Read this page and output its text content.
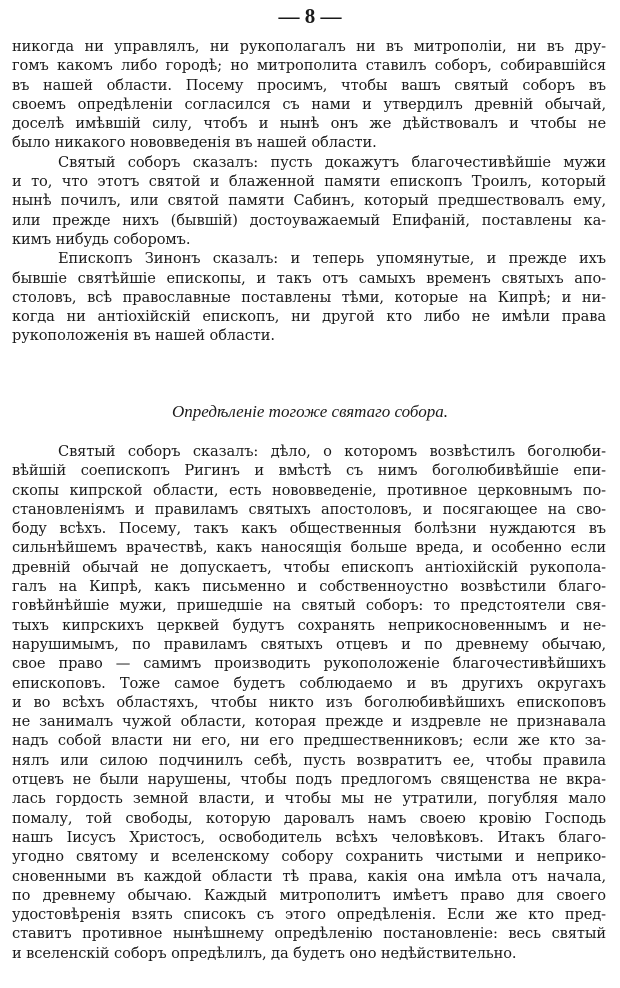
— 8 —
никогда ни управлялъ, ни рукополагалъ ни въ митрополіи, ни въ дру-
гомъ какомъ либо городѣ; но митрополита ставилъ соборъ, собиравшійся
въ нашей области. Посему просимъ, чтобы вашъ святый соборъ въ
своемъ опредѣленіи согласился съ нами и утвердилъ древній обычай,
доселѣ имѣвшій силу, чтобъ и нынѣ онъ же дѣйствовалъ и чтобы не
было никакого нововведенія въ нашей области.
Святый соборъ сказалъ: пусть докажутъ благочестивѣйшіе мужи
и то, что этотъ святой и блаженной памяти епископъ Троилъ, который
нынѣ почилъ, или святой памяти Сабинъ, который предшествовалъ ему,
или прежде нихъ (бывшій) достоуважаемый Епифаній, поставлены ка-
кимъ нибудь соборомъ.
Епископъ Зинонъ сказалъ: и теперь упомянутые, и прежде ихъ
бывшіе святѣйшіе епископы, и такъ отъ самыхъ временъ святыхъ апо-
столовъ, всѣ православные поставлены тѣми, которые на Кипрѣ; и ни-
когда ни антіохійскій епископъ, ни другой кто либо не имѣли права
рукоположенія въ нашей области.
Опредѣленіе тогоже святаго собора.
Святый соборъ сказалъ: дѣло, о которомъ возвѣстилъ боголюби-
вѣйшій соепископъ Ригинъ и вмѣстѣ съ нимъ боголюбивѣйшіе епи-
скопы кипрской области, есть нововведеніе, противное церковнымъ по-
становленіямъ и правиламъ святыхъ апостоловъ, и посягающее на сво-
боду всѣхъ. Посему, такъ какъ общественныя болѣзни нуждаются въ
сильнѣйшемъ врачествѣ, какъ наносящія больше вреда, и особенно если
древній обычай не допускаетъ, чтобы епископъ антіохійскій рукопола-
галъ на Кипрѣ, какъ письменно и собственноустно возвѣстили благо-
говѣйнѣйшіе мужи, пришедшіе на святый соборъ: то предстоятели свя-
тыхъ кипрскихъ церквей будутъ сохранять неприкосновеннымъ и не-
нарушимымъ, по правиламъ святыхъ отцевъ и по древнему обычаю,
свое право — самимъ производить рукоположеніе благочестивѣйшихъ
епископовъ. Тоже самое будетъ соблюдаемо и въ другихъ округахъ
и во всѣхъ областяхъ, чтобы никто изъ боголюбивѣйшихъ епископовъ
не занималъ чужой области, которая прежде и издревле не признавала
надъ собой власти ни его, ни его предшественниковъ; если же кто за-
нялъ или силою подчинилъ себѣ, пусть возвратитъ ее, чтобы правила
отцевъ не были нарушены, чтобы подъ предлогомъ священства не вкра-
лась гордость земной власти, и чтобы мы не утратили, погубляя мало
помалу, той свободы, которую даровалъ намъ своею кровію Господь
нашъ Іисусъ Христосъ, освободитель всѣхъ человѣковъ. Итакъ благо-
угодно святому и вселенскому собору сохранить чистыми и неприко-
сновенными въ каждой области тѣ права, какія она имѣла отъ начала,
по древнему обычаю. Каждый митрополитъ имѣетъ право для своего
удостовѣренія взять списокъ съ этого опредѣленія. Если же кто пред-
ставитъ противное нынѣшнему опредѣленію постановленіе: весь святый
и вселенскій соборъ опредѣлилъ, да будетъ оно недѣйствительно.
